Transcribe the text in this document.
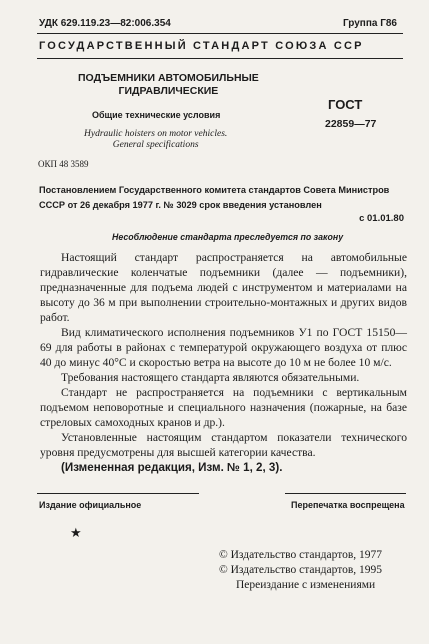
УДК 629.119.23—82:006.354	Группа Г86
ГОСУДАРСТВЕННЫЙ СТАНДАРТ СОЮЗА ССР
ПОДЪЕМНИКИ АВТОМОБИЛЬНЫЕ
ГИДРАВЛИЧЕСКИЕ
Общие технические условия
Hydraulic hoisters on motor vehicles.
General specifications
ГОСТ
22859—77
ОКП 48 3589
Постановлением Государственного комитета стандартов Совета Министров
СССР от 26 декабря 1977 г. № 3029 срок введения установлен
с 01.01.80
Несоблюдение стандарта преследуется по закону

Настоящий стандарт распространяется на автомобильные гидравлические коленчатые подъемники (далее — подъемники), предназначенные для подъема людей с инструментом и материалами на высоту до 36 м при выполнении строительно-монтажных и других видов работ.

Вид климатического исполнения подъемников У1 по ГОСТ 15150—69 для работы в районах с температурой окружающего воздуха от плюс 40 до минус 40°С и скоростью ветра на высоте до 10 м не более 10 м/с.

Требования настоящего стандарта являются обязательными.

Стандарт не распространяется на подъемники с вертикальным подъемом неповоротные и специального назначения (пожарные, на базе стреловых самоходных кранов и др.).

Установленные настоящим стандартом показатели технического уровня предусмотрены для высшей категории качества.

(Измененная редакция, Изм. № 1, 2, 3).

Издание официальное	Перепечатка воспрещена
★
© Издательство стандартов, 1977
© Издательство стандартов, 1995
Переиздание с изменениями
